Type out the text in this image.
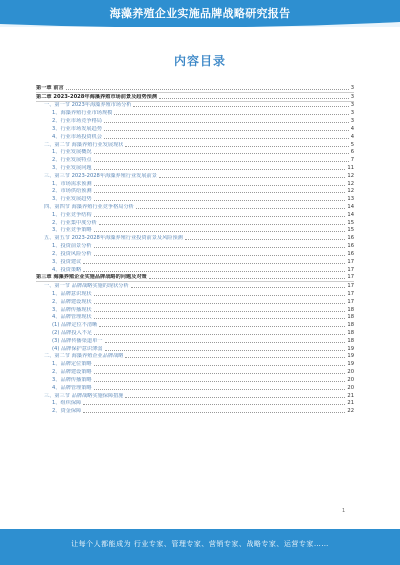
海藻养殖企业实施品牌战略研究报告
内容目录
第一章 前言	3
第二章 2023-2028年海藻养殖市场前景及趋势预测	3
一、第一节 2023年海藻养殖市场分析	3
1、海藻养殖行业市场规模	3
2、行业市场竞争格局	3
3、行业市场发展趋势	4
4、行业市场投资机会	4
二、第二节 海藻养殖行业发展现状	5
1、行业发展概况	6
2、行业发展特点	7
3、行业发展问题	11
三、第三节 2023-2028年海藻养殖行业发展前景	12
1、市场需求预测	12
2、市场供给预测	12
3、行业发展趋势	13
四、第四节 海藻养殖行业竞争格局分析	14
1、行业竞争结构	14
2、行业集中度分析	15
3、行业竞争策略	15
五、第五节 2023-2028年海藻养殖行业投资前景及风险预测	16
1、投资前景分析	16
2、投资风险分析	16
3、投资建议	17
4、投资策略	17
第三章 海藻养殖企业实施品牌战略的问题及对策	17
一、第一节 品牌战略实施的现状分析	17
1、品牌意识现状	17
2、品牌建设现状	17
3、品牌传播现状	18
4、品牌管理现状	18
(1) 品牌定位不清晰	18
(2) 品牌投入不足	18
(3) 品牌传播渠道单一	18
(4) 品牌保护意识薄弱	19
二、第二节 海藻养殖企业品牌战略	19
1、品牌定位策略	19
2、品牌建设策略	20
3、品牌传播策略	20
4、品牌管理策略	20
三、第三节 品牌战略实施保障措施	21
1、组织保障	21
2、资金保障	22
1
让每个人都能成为 行业专家、管理专家、营销专家、战略专家、运营专家……
